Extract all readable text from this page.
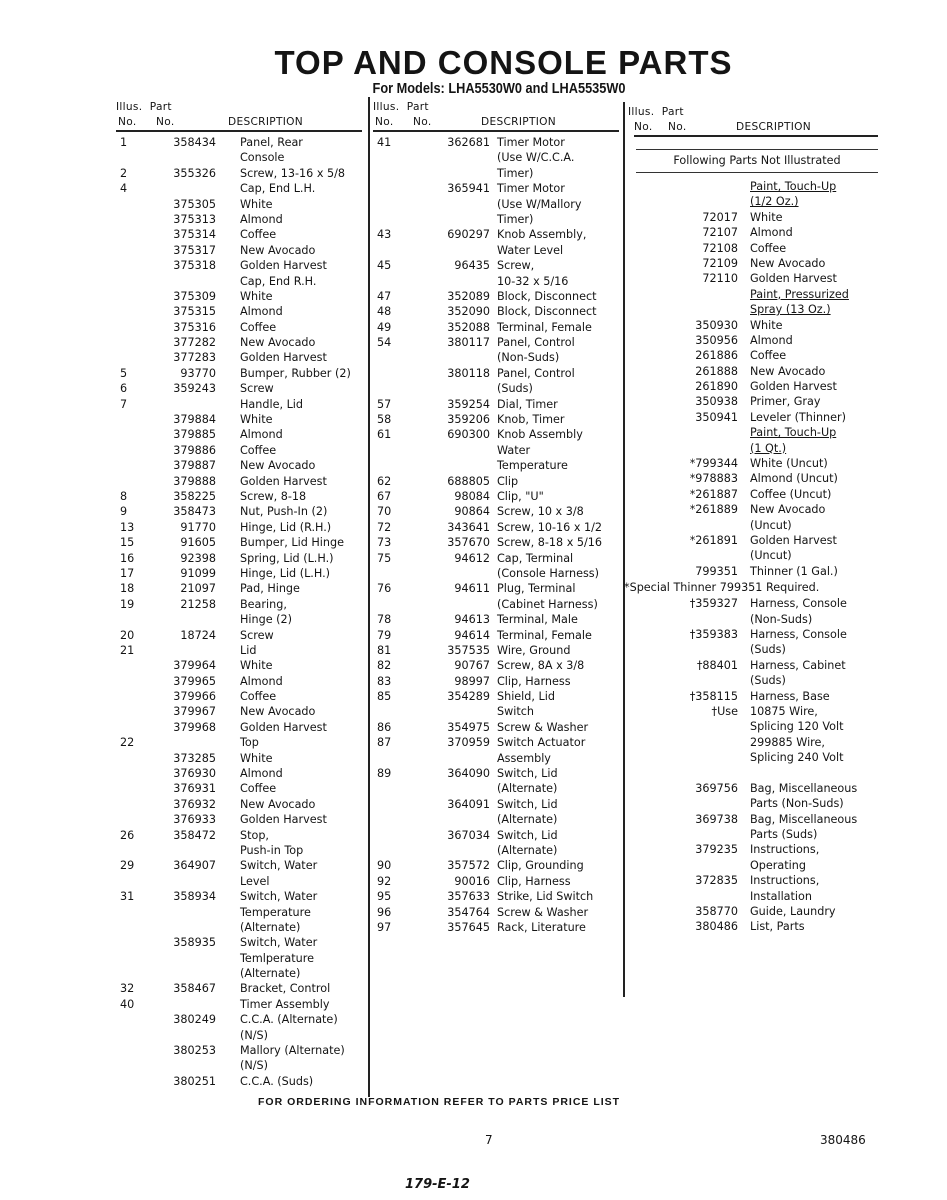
TOP AND CONSOLE PARTS
For Models: LHA5530W0 and LHA5535W0
Illus. Part
No. No.	DESCRIPTION
1	358434 Panel, Rear
Console
2	355326 Screw, 13-16 x 5/8
4	Cap, End L.H.
375305 White
375313 Almond
375314 Coffee
375317 New Avocado
375318 Golden Harvest
Cap, End R.H.
375309 White
375315 Almond
375316 Coffee
377282 New Avocado
377283 Golden Harvest
5	93770 Bumper, Rubber (2)
6	359243 Screw
7	Handle, Lid
379884 White
379885 Almond
379886 Coffee
379887 New Avocado
379888 Golden Harvest
8	358225 Screw, 8-18
9	358473 Nut, Push-In (2)
13	91770 Hinge, Lid (R.H.)
15	91605 Bumper, Lid Hinge
16	92398 Spring, Lid (L.H.)
17	91099 Hinge, Lid (L.H.)
18	21097 Pad, Hinge
19	21258 Bearing,
Hinge (2)
20	18724 Screw
21	Lid
379964 White
379965 Almond
379966 Coffee
379967 New Avocado
379968 Golden Harvest
22	Top
373285 White
376930 Almond
376931 Coffee
376932 New Avocado
376933 Golden Harvest
26	358472 Stop,
Push-in Top
29	364907 Switch, Water
Level
31	358934 Switch, Water
Temperature
(Alternate)
358935 Switch, Water
Temlperature
(Alternate)
32	358467 Bracket, Control
40	Timer Assembly
380249 C.C.A. (Alternate)
(N/S)
380253 Mallory (Alternate)
(N/S)
380251 C.C.A. (Suds)
Illus. Part
No. No.	DESCRIPTION
41	362681 Timer Motor
(Use W/C.C.A.
Timer)
365941 Timer Motor
(Use W/Mallory
Timer)
43	690297 Knob Assembly,
Water Level
45	96435 Screw,
10-32 x 5/16
47	352089 Block, Disconnect
48	352090 Block, Disconnect
49	352088 Terminal, Female
54	380117 Panel, Control
(Non-Suds)
380118 Panel, Control
(Suds)
57	359254 Dial, Timer
58	359206 Knob, Timer
61	690300 Knob Assembly
Water
Temperature
62	688805 Clip
67	98084 Clip, "U"
70	90864 Screw, 10 x 3/8
72	343641 Screw, 10-16 x 1/2
73	357670 Screw, 8-18 x 5/16
75	94612 Cap, Terminal
(Console Harness)
76	94611 Plug, Terminal
(Cabinet Harness)
78	94613 Terminal, Male
79	94614 Terminal, Female
81	357535 Wire, Ground
82	90767 Screw, 8A x 3/8
83	98997 Clip, Harness
85	354289 Shield, Lid
Switch
86	354975 Screw & Washer
87	370959 Switch Actuator
Assembly
89	364090 Switch, Lid
(Alternate)
364091 Switch, Lid
(Alternate)
367034 Switch, Lid
(Alternate)
90	357572 Clip, Grounding
92	90016 Clip, Harness
95	357633 Strike, Lid Switch
96	354764 Screw & Washer
97	357645 Rack, Literature
Illus. Part
No. No.	DESCRIPTION
Following Parts Not Illustrated
Paint, Touch-Up
(1/2 Oz.)
72017 White
72107 Almond
72108 Coffee
72109 New Avocado
72110 Golden Harvest
Paint, Pressurized
Spray (13 Oz.)
350930 White
350956 Almond
261886 Coffee
261888 New Avocado
261890 Golden Harvest
350938 Primer, Gray
350941 Leveler (Thinner)
Paint, Touch-Up
(1 Qt.)
*799344 White (Uncut)
*978883 Almond (Uncut)
*261887 Coffee (Uncut)
*261889 New Avocado
(Uncut)
*261891 Golden Harvest
(Uncut)
799351 Thinner (1 Gal.)
*Special Thinner 799351 Required.
†359327 Harness, Console
(Non-Suds)
†359383 Harness, Console
(Suds)
†88401 Harness, Cabinet
(Suds)
†358115 Harness, Base
†Use 10875 Wire,
Splicing 120 Volt
299885 Wire,
Splicing 240 Volt
369756 Bag, Miscellaneous
Parts (Non-Suds)
369738 Bag, Miscellaneous
Parts (Suds)
379235 Instructions,
Operating
372835 Instructions,
Installation
358770 Guide, Laundry
380486 List, Parts
FOR ORDERING INFORMATION REFER TO PARTS PRICE LIST
7	380486
179-E-12
